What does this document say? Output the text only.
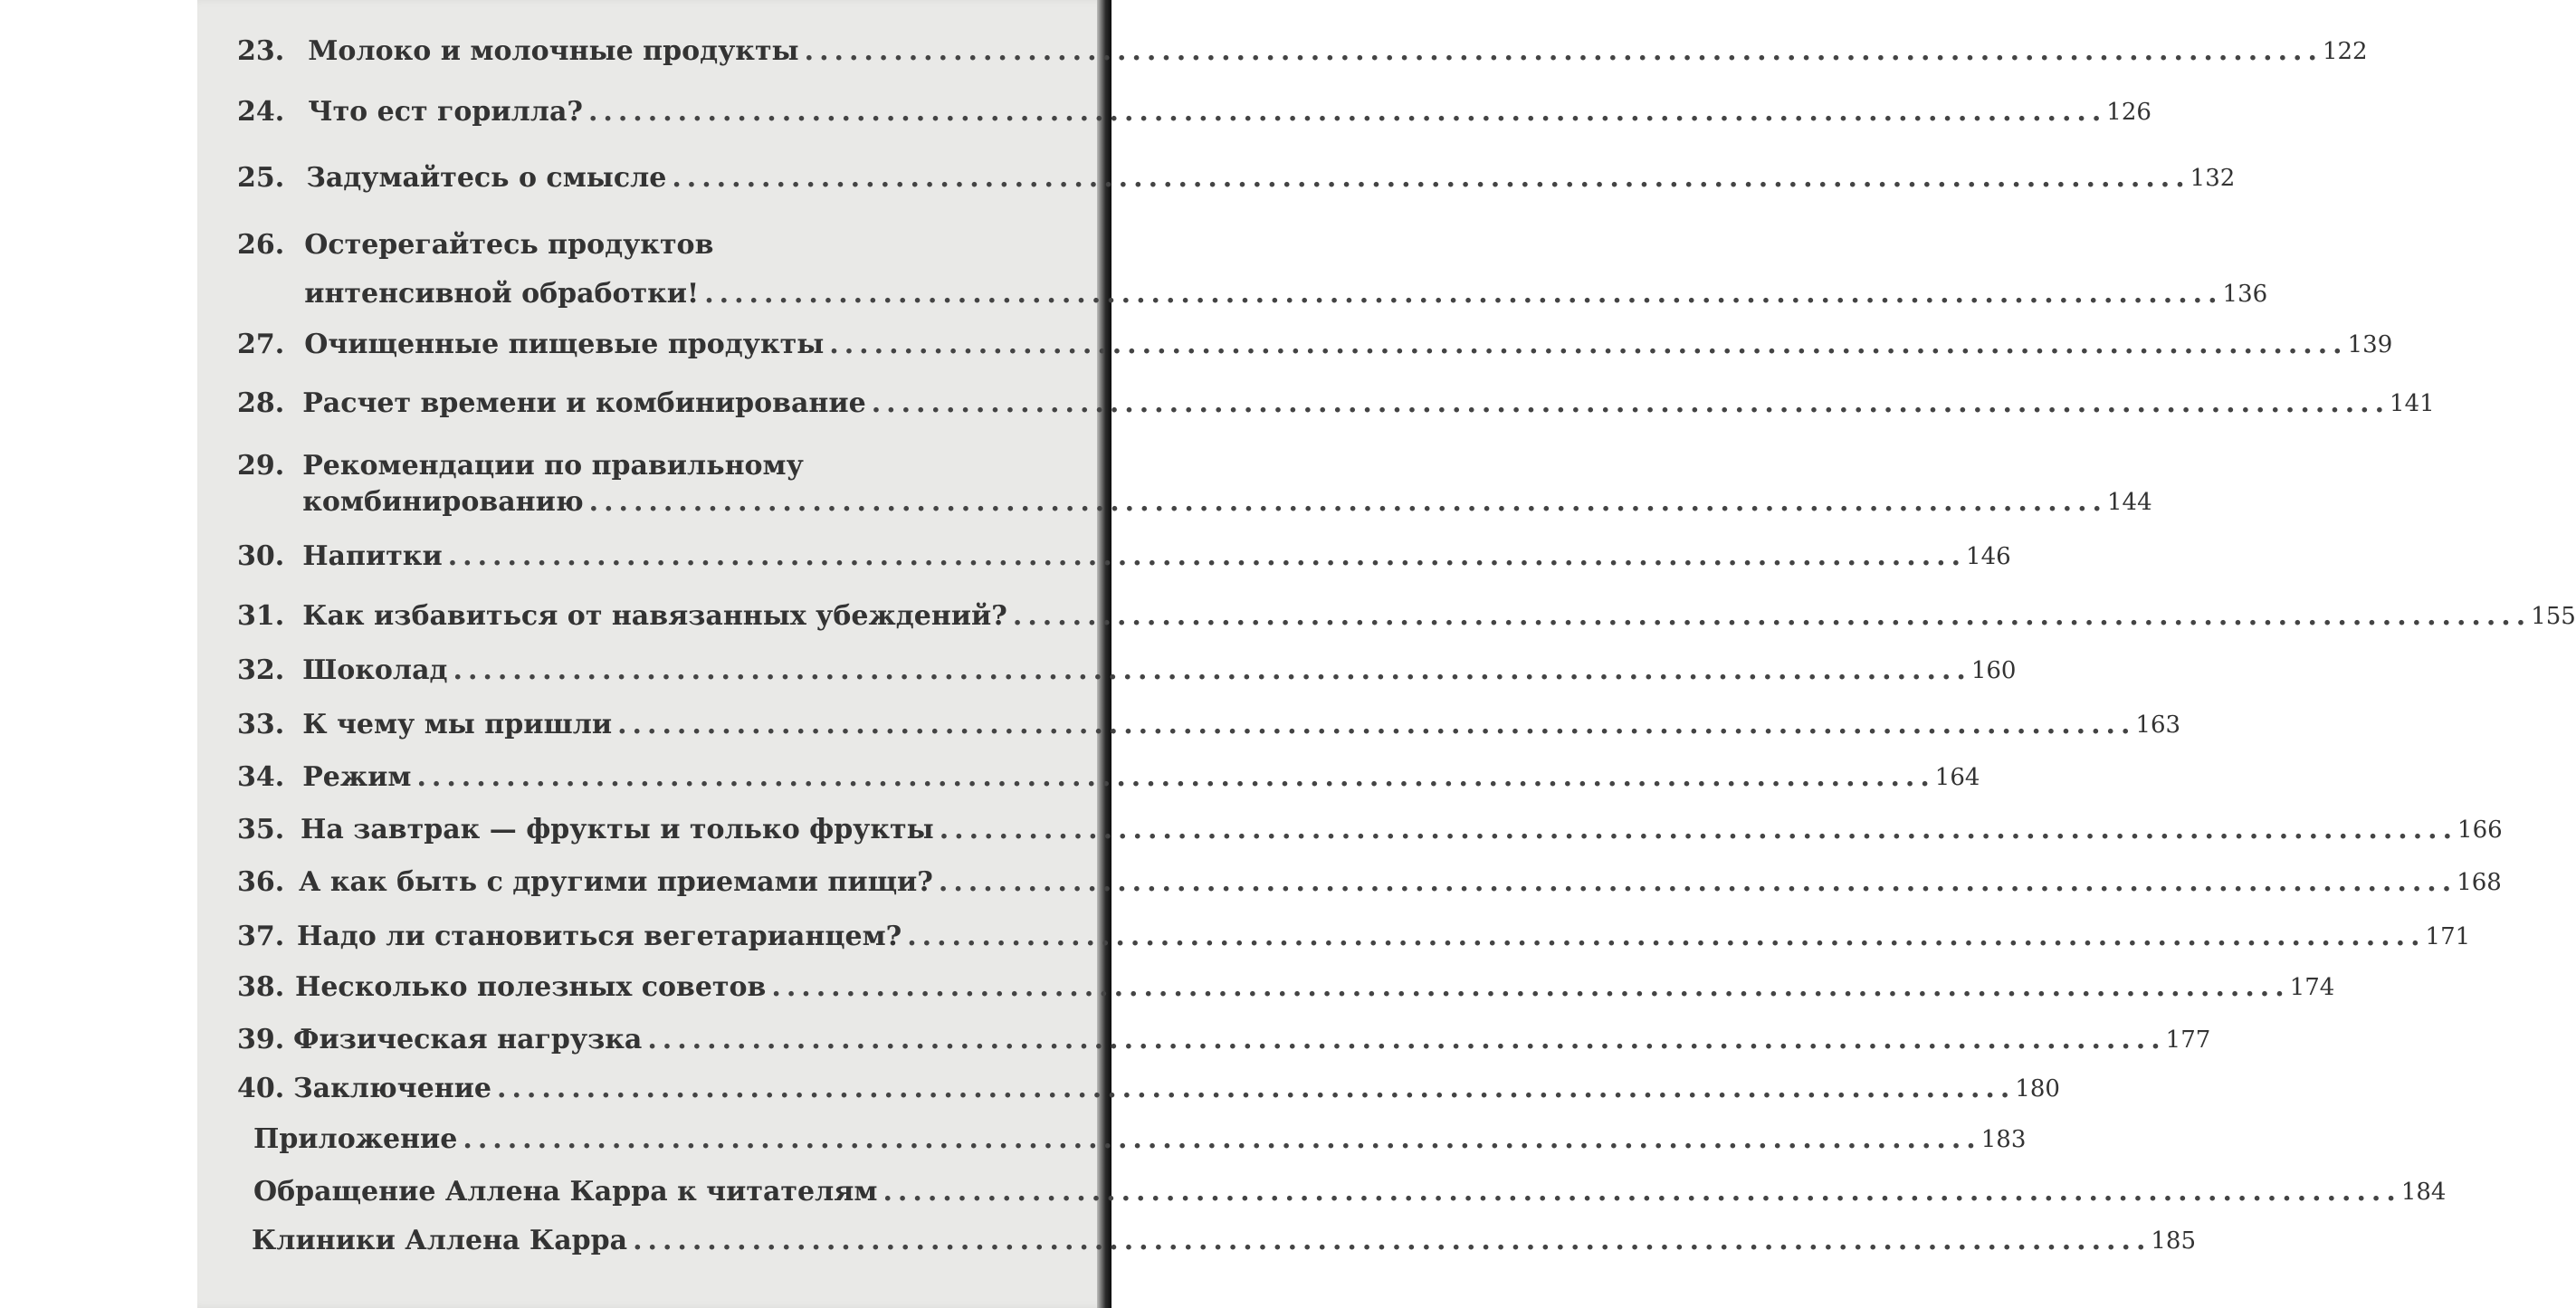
23. Молоко и молочные продукты .....	122
24. Что ест горилла? .....	126
25. Задумайтесь о смысле .....	132
26. Остерегайтесь продуктов
интенсивной обработки! .....	136
27. Очищенные пищевые продукты .....	139
28. Расчет времени и комбинирование .....	141
29. Рекомендации по правильному
комбинированию .....	144
30. Напитки .....	146
31. Как избавиться от навязанных убеждений? .....	155
32. Шоколад .....	160
33. К чему мы пришли .....	163
34. Режим .....	164
35. На завтрак — фрукты и только фрукты .....	166
36. А как быть с другими приемами пищи? .....	168
37. Надо ли становиться вегетарианцем? .....	171
38. Несколько полезных советов .....	174
39. Физическая нагрузка .....	177
40. Заключение .....	180
Приложение .....	183
Обращение Аллена Карра к читателям .....	184
Клиники Аллена Карра .....	185
